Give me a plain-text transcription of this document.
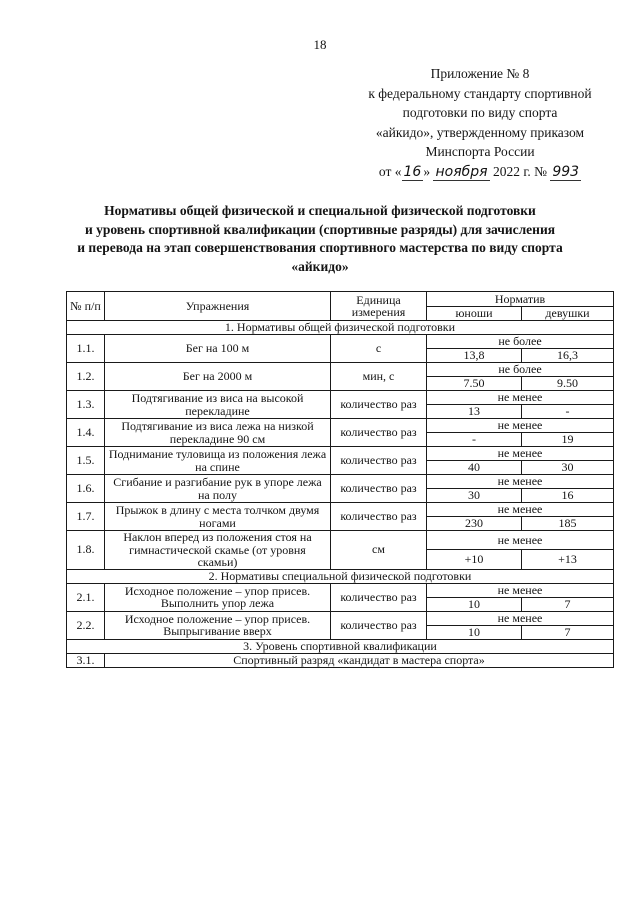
18
Приложение № 8
к федеральному стандарту спортивной
подготовки по виду спорта
«айкидо», утвержденному приказом
Минспорта России
от « 16 » ноября 2022 г. № 993
Нормативы общей физической и специальной физической подготовки
и уровень спортивной квалификации (спортивные разряды) для зачисления
и перевода на этап совершенствования спортивного мастерства по виду спорта
«айкидо»
№ п/п	Упражнения	Единица измерения	Норматив	
			юноши	девушки
1. Нормативы общей физической подготовки				
1.1.	Бег на 100 м	с	не более	
			13,8	16,3
1.2.	Бег на 2000 м	мин, с	не более	
			7.50	9.50
1.3.	Подтягивание из виса на высокой перекладине	количество раз	не менее	
			13	-
1.4.	Подтягивание из виса лежа на низкой перекладине 90 см	количество раз	не менее	
			-	19
1.5.	Поднимание туловища из положения лежа на спине	количество раз	не менее	
			40	30
1.6.	Сгибание и разгибание рук в упоре лежа на полу	количество раз	не менее	
			30	16
1.7.	Прыжок в длину с места толчком двумя ногами	количество раз	не менее	
			230	185
1.8.	Наклон вперед из положения стоя на гимнастической скамье (от уровня скамьи)	см	не менее	
			+10	+13
2. Нормативы специальной физической подготовки				
2.1.	Исходное положение – упор присев. Выполнить упор лежа	количество раз	не менее	
			10	7
2.2.	Исходное положение – упор присев. Выпрыгивание вверх	количество раз	не менее	
			10	7
3. Уровень спортивной квалификации				
3.1.	Спортивный разряд «кандидат в мастера спорта»			
